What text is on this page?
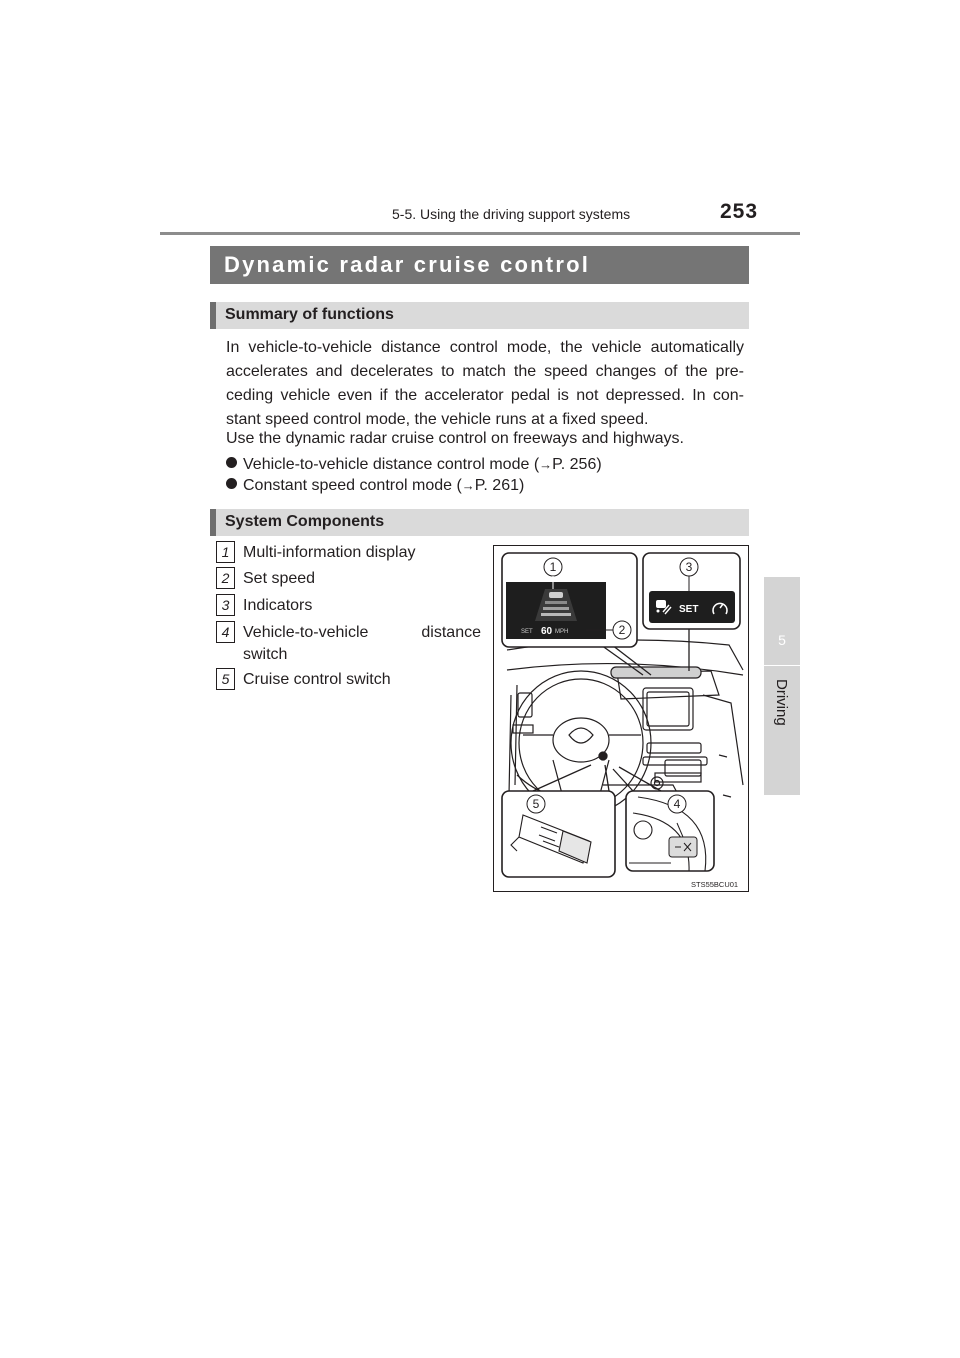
5-5. Using the driving support systems	253
5
Driving
Dynamic radar cruise control
Summary of functions

In vehicle-to-vehicle distance control mode, the vehicle automatically accelerates and decelerates to match the speed changes of the pre- ceding vehicle even if the accelerator pedal is not depressed. In con- stant speed control mode, the vehicle runs at a fixed speed.

Use the dynamic radar cruise control on freeways and highways.
Vehicle-to-vehicle distance control mode (→P. 256)
Constant speed control mode (→P. 261)
System Components
1 Multi-information display
2 Set speed
3 Indicators
4 Vehicle-to-vehicle distance
switch
5 Cruise control switch
SET 60 MPH
1
2
SET
3
5	4
STS55BCU01
